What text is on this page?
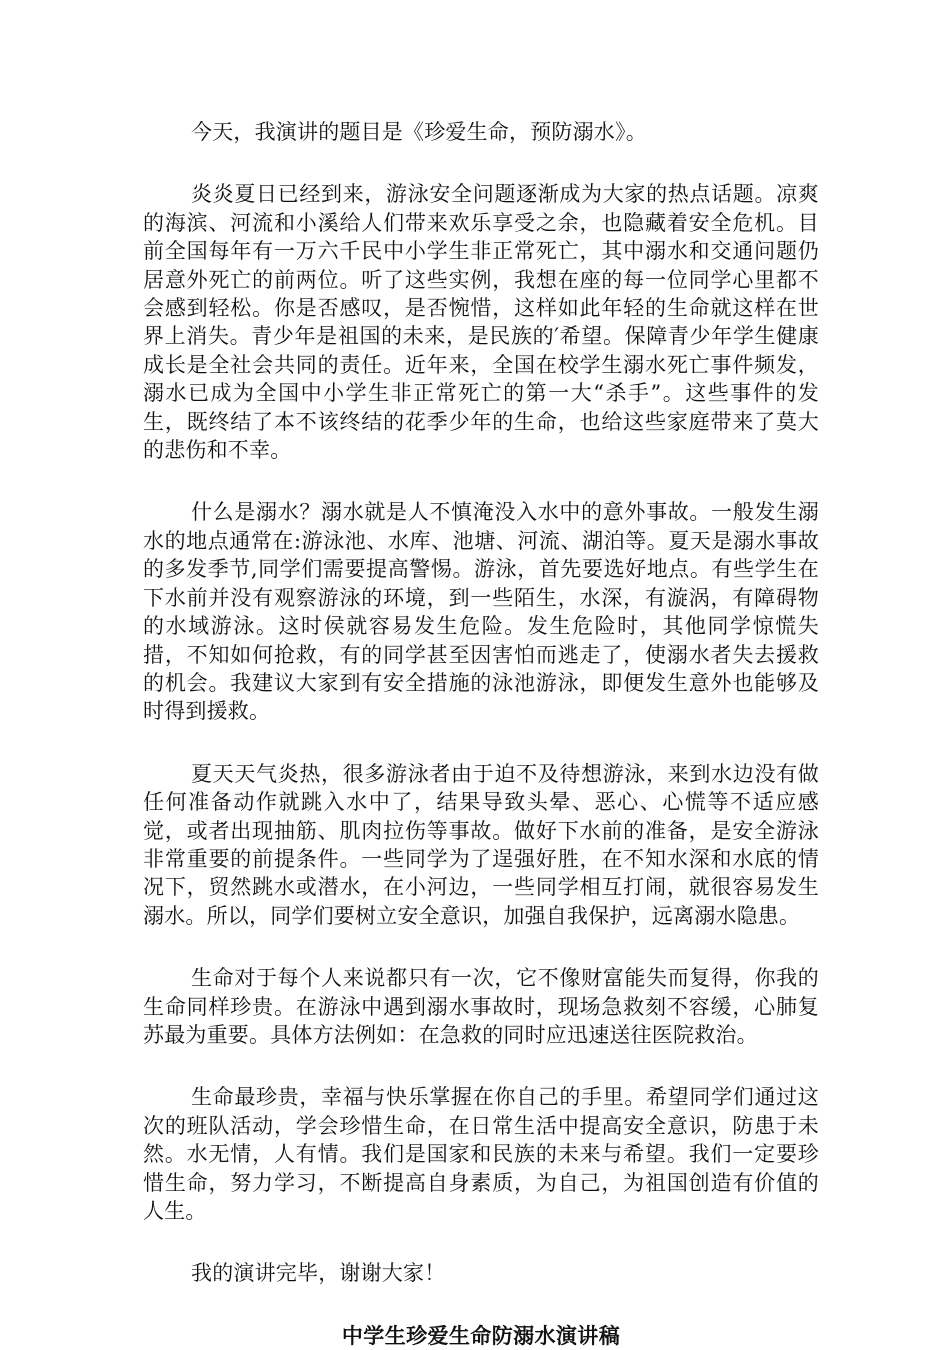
今天，我演讲的题目是《珍爱生命，预防溺水》。

炎炎夏日已经到来，游泳安全问题逐渐成为大家的热点话题。凉爽的海滨、河流和小溪给人们带来欢乐享受之余，也隐藏着安全危机。目前全国每年有一万六千民中小学生非正常死亡，其中溺水和交通问题仍居意外死亡的前两位。听了这些实例，我想在座的每一位同学心里都不会感到轻松。你是否感叹，是否惋惜，这样如此年轻的生命就这样在世界上消失。青少年是祖国的未来，是民族的′希望。保障青少年学生健康成长是全社会共同的责任。近年来，全国在校学生溺水死亡事件频发，溺水已成为全国中小学生非正常死亡的第一大“杀手”。这些事件的发生，既终结了本不该终结的花季少年的生命，也给这些家庭带来了莫大的悲伤和不幸。

什么是溺水？溺水就是人不慎淹没入水中的意外事故。一般发生溺水的地点通常在:游泳池、水库、池塘、河流、湖泊等。夏天是溺水事故的多发季节,同学们需要提高警惕。游泳，首先要选好地点。有些学生在下水前并没有观察游泳的环境，到一些陌生，水深，有漩涡，有障碍物的水域游泳。这时侯就容易发生危险。发生危险时，其他同学惊慌失措，不知如何抢救，有的同学甚至因害怕而逃走了，使溺水者失去援救的机会。我建议大家到有安全措施的泳池游泳，即便发生意外也能够及时得到援救。

夏天天气炎热，很多游泳者由于迫不及待想游泳，来到水边没有做任何准备动作就跳入水中了，结果导致头晕、恶心、心慌等不适应感觉，或者出现抽筋、肌肉拉伤等事故。做好下水前的准备，是安全游泳非常重要的前提条件。一些同学为了逞强好胜，在不知水深和水底的情况下，贸然跳水或潜水，在小河边，一些同学相互打闹，就很容易发生溺水。所以，同学们要树立安全意识，加强自我保护，远离溺水隐患。

生命对于每个人来说都只有一次，它不像财富能失而复得，你我的生命同样珍贵。在游泳中遇到溺水事故时，现场急救刻不容缓，心肺复苏最为重要。具体方法例如：在急救的同时应迅速送往医院救治。

生命最珍贵，幸福与快乐掌握在你自己的手里。希望同学们通过这次的班队活动，学会珍惜生命，在日常生活中提高安全意识，防患于未然。水无情，人有情。我们是国家和民族的未来与希望。我们一定要珍惜生命，努力学习，不断提高自身素质，为自己，为祖国创造有价值的人生。

我的演讲完毕，谢谢大家！

中学生珍爱生命防溺水演讲稿
